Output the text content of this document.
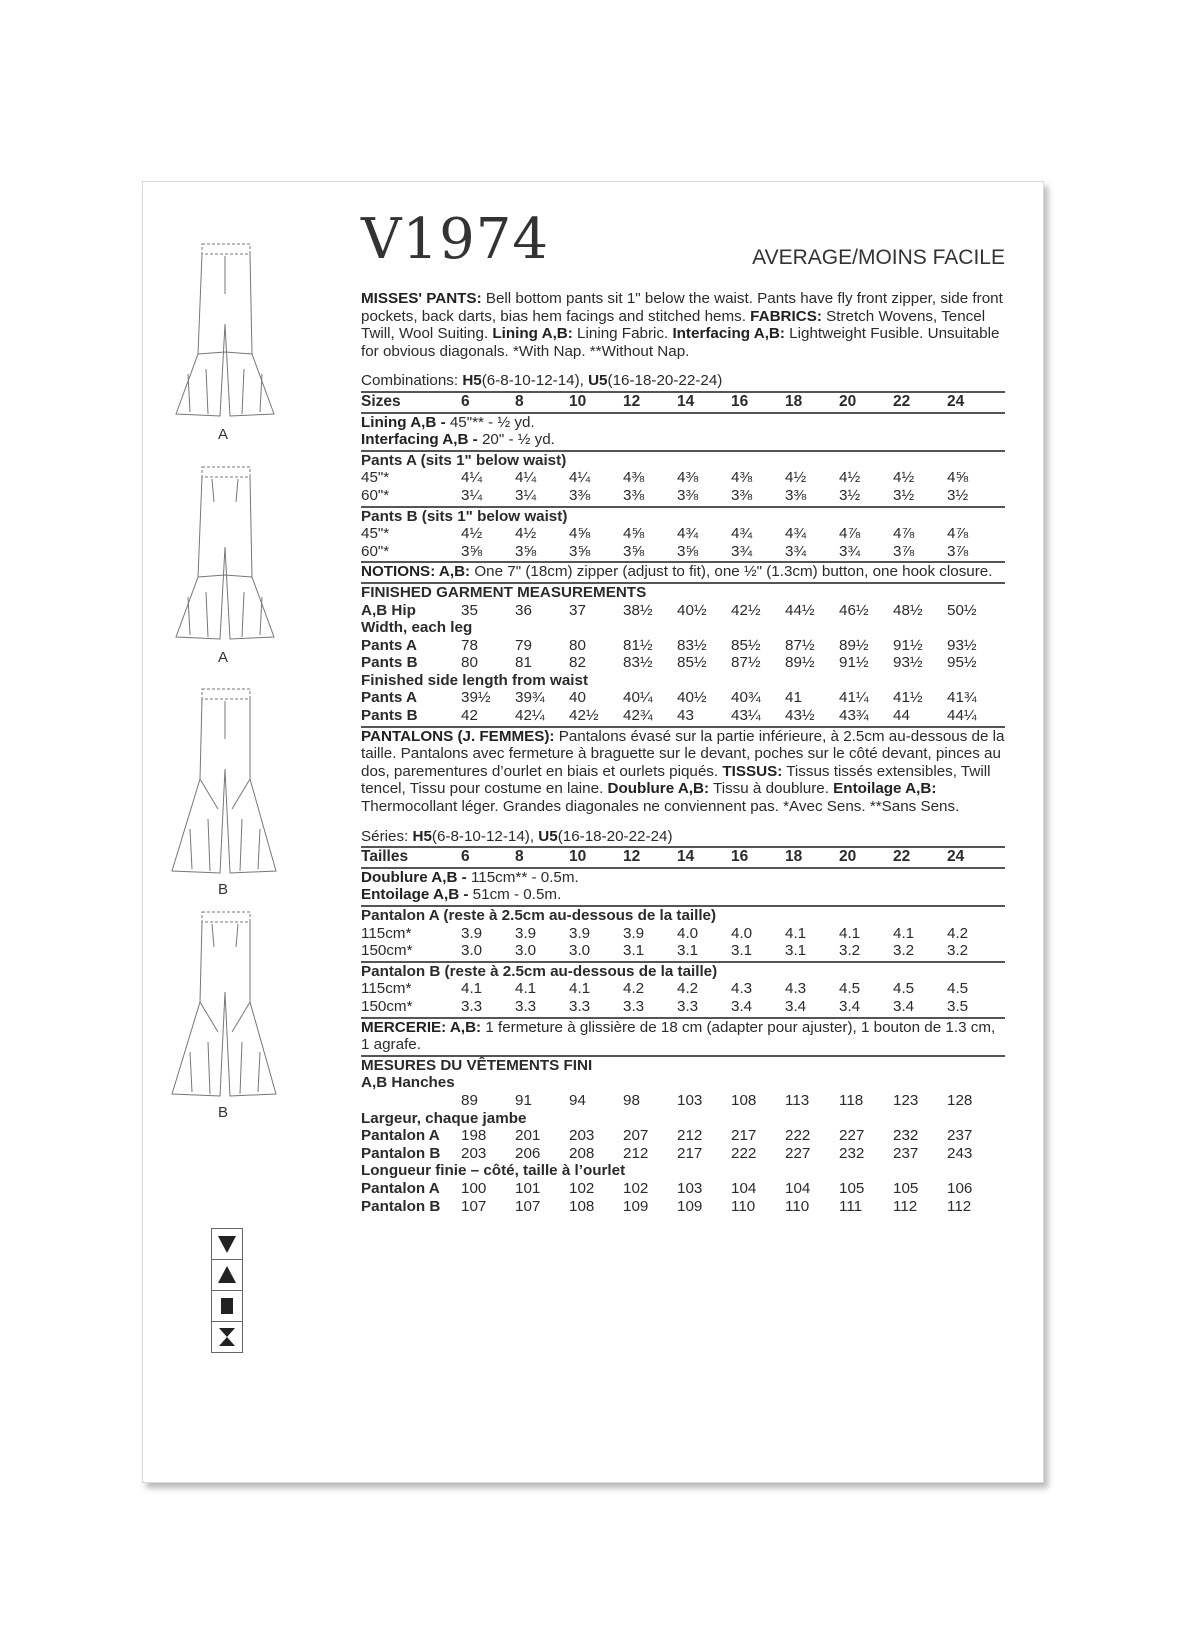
V1974	AVERAGE/MOINS FACILE
A
A
B
B

MISSES' PANTS: Bell bottom pants sit 1" below the waist. Pants have fly front zipper, side front pockets, back darts, bias hem facings and stitched hems. FABRICS: Stretch Wovens, Tencel Twill, Wool Suiting. Lining A,B: Lining Fabric. Interfacing A,B: Lightweight Fusible. Unsuitable for obvious diagonals. *With Nap. **Without Nap.

Combinations: H5(6-8-10-12-14), U5(16-18-20-22-24)
Sizes	6	8	10	12	14	16	18	20	22	24
Lining A,B - 45"** - ½ yd.
Interfacing A,B - 20" - ½ yd.
Pants A (sits 1" below waist)
45"*	4¼	4¼	4¼	4⅜	4⅜	4⅜	4½	4½	4½	4⅝
60"*	3¼	3¼	3⅜	3⅜	3⅜	3⅜	3⅜	3½	3½	3½
Pants B (sits 1" below waist)
45"*	4½	4½	4⅝	4⅝	4¾	4¾	4¾	4⅞	4⅞	4⅞
60"*	3⅝	3⅝	3⅝	3⅝	3⅝	3¾	3¾	3¾	3⅞	3⅞
NOTIONS: A,B: One 7" (18cm) zipper (adjust to fit), one ½" (1.3cm) button, one hook closure.
FINISHED GARMENT MEASUREMENTS
A,B Hip	35	36	37	38½	40½	42½	44½	46½	48½	50½
Width, each leg
Pants A	78	79	80	81½	83½	85½	87½	89½	91½	93½
Pants B	80	81	82	83½	85½	87½	89½	91½	93½	95½
Finished side length from waist
Pants A	39½	39¾	40	40¼	40½	40¾	41	41¼	41½	41¾
Pants B	42	42¼	42½	42¾	43	43¼	43½	43¾	44	44¼

PANTALONS (J. FEMMES): Pantalons évasé sur la partie inférieure, à 2.5cm au-dessous de la taille. Pantalons avec fermeture à braguette sur le devant, poches sur le côté devant, pinces au dos, parementures d’ourlet en biais et ourlets piqués. TISSUS: Tissus tissés extensibles, Twill tencel, Tissu pour costume en laine. Doublure A,B: Tissu à doublure. Entoilage A,B: Thermocollant léger. Grandes diagonales ne conviennent pas. *Avec Sens. **Sans Sens.

Séries: H5(6-8-10-12-14), U5(16-18-20-22-24)
Tailles	6	8	10	12	14	16	18	20	22	24
Doublure A,B - 115cm** - 0.5m.
Entoilage A,B - 51cm - 0.5m.
Pantalon A (reste à 2.5cm au-dessous de la taille)
115cm*	3.9	3.9	3.9	3.9	4.0	4.0	4.1	4.1	4.1	4.2
150cm*	3.0	3.0	3.0	3.1	3.1	3.1	3.1	3.2	3.2	3.2
Pantalon B (reste à 2.5cm au-dessous de la taille)
115cm*	4.1	4.1	4.1	4.2	4.2	4.3	4.3	4.5	4.5	4.5
150cm*	3.3	3.3	3.3	3.3	3.3	3.4	3.4	3.4	3.4	3.5
MERCERIE: A,B: 1 fermeture à glissière de 18 cm (adapter pour ajuster), 1 bouton de 1.3 cm, 1 agrafe.
MESURES DU VÊTEMENTS FINI
A,B Hanches
89	91	94	98	103	108	113	118	123	128
Largeur, chaque jambe
Pantalon A	198	201	203	207	212	217	222	227	232	237
Pantalon B	203	206	208	212	217	222	227	232	237	243
Longueur finie – côté, taille à l’ourlet
Pantalon A	100	101	102	102	103	104	104	105	105	106
Pantalon B	107	107	108	109	109	110	110	111	112	112
